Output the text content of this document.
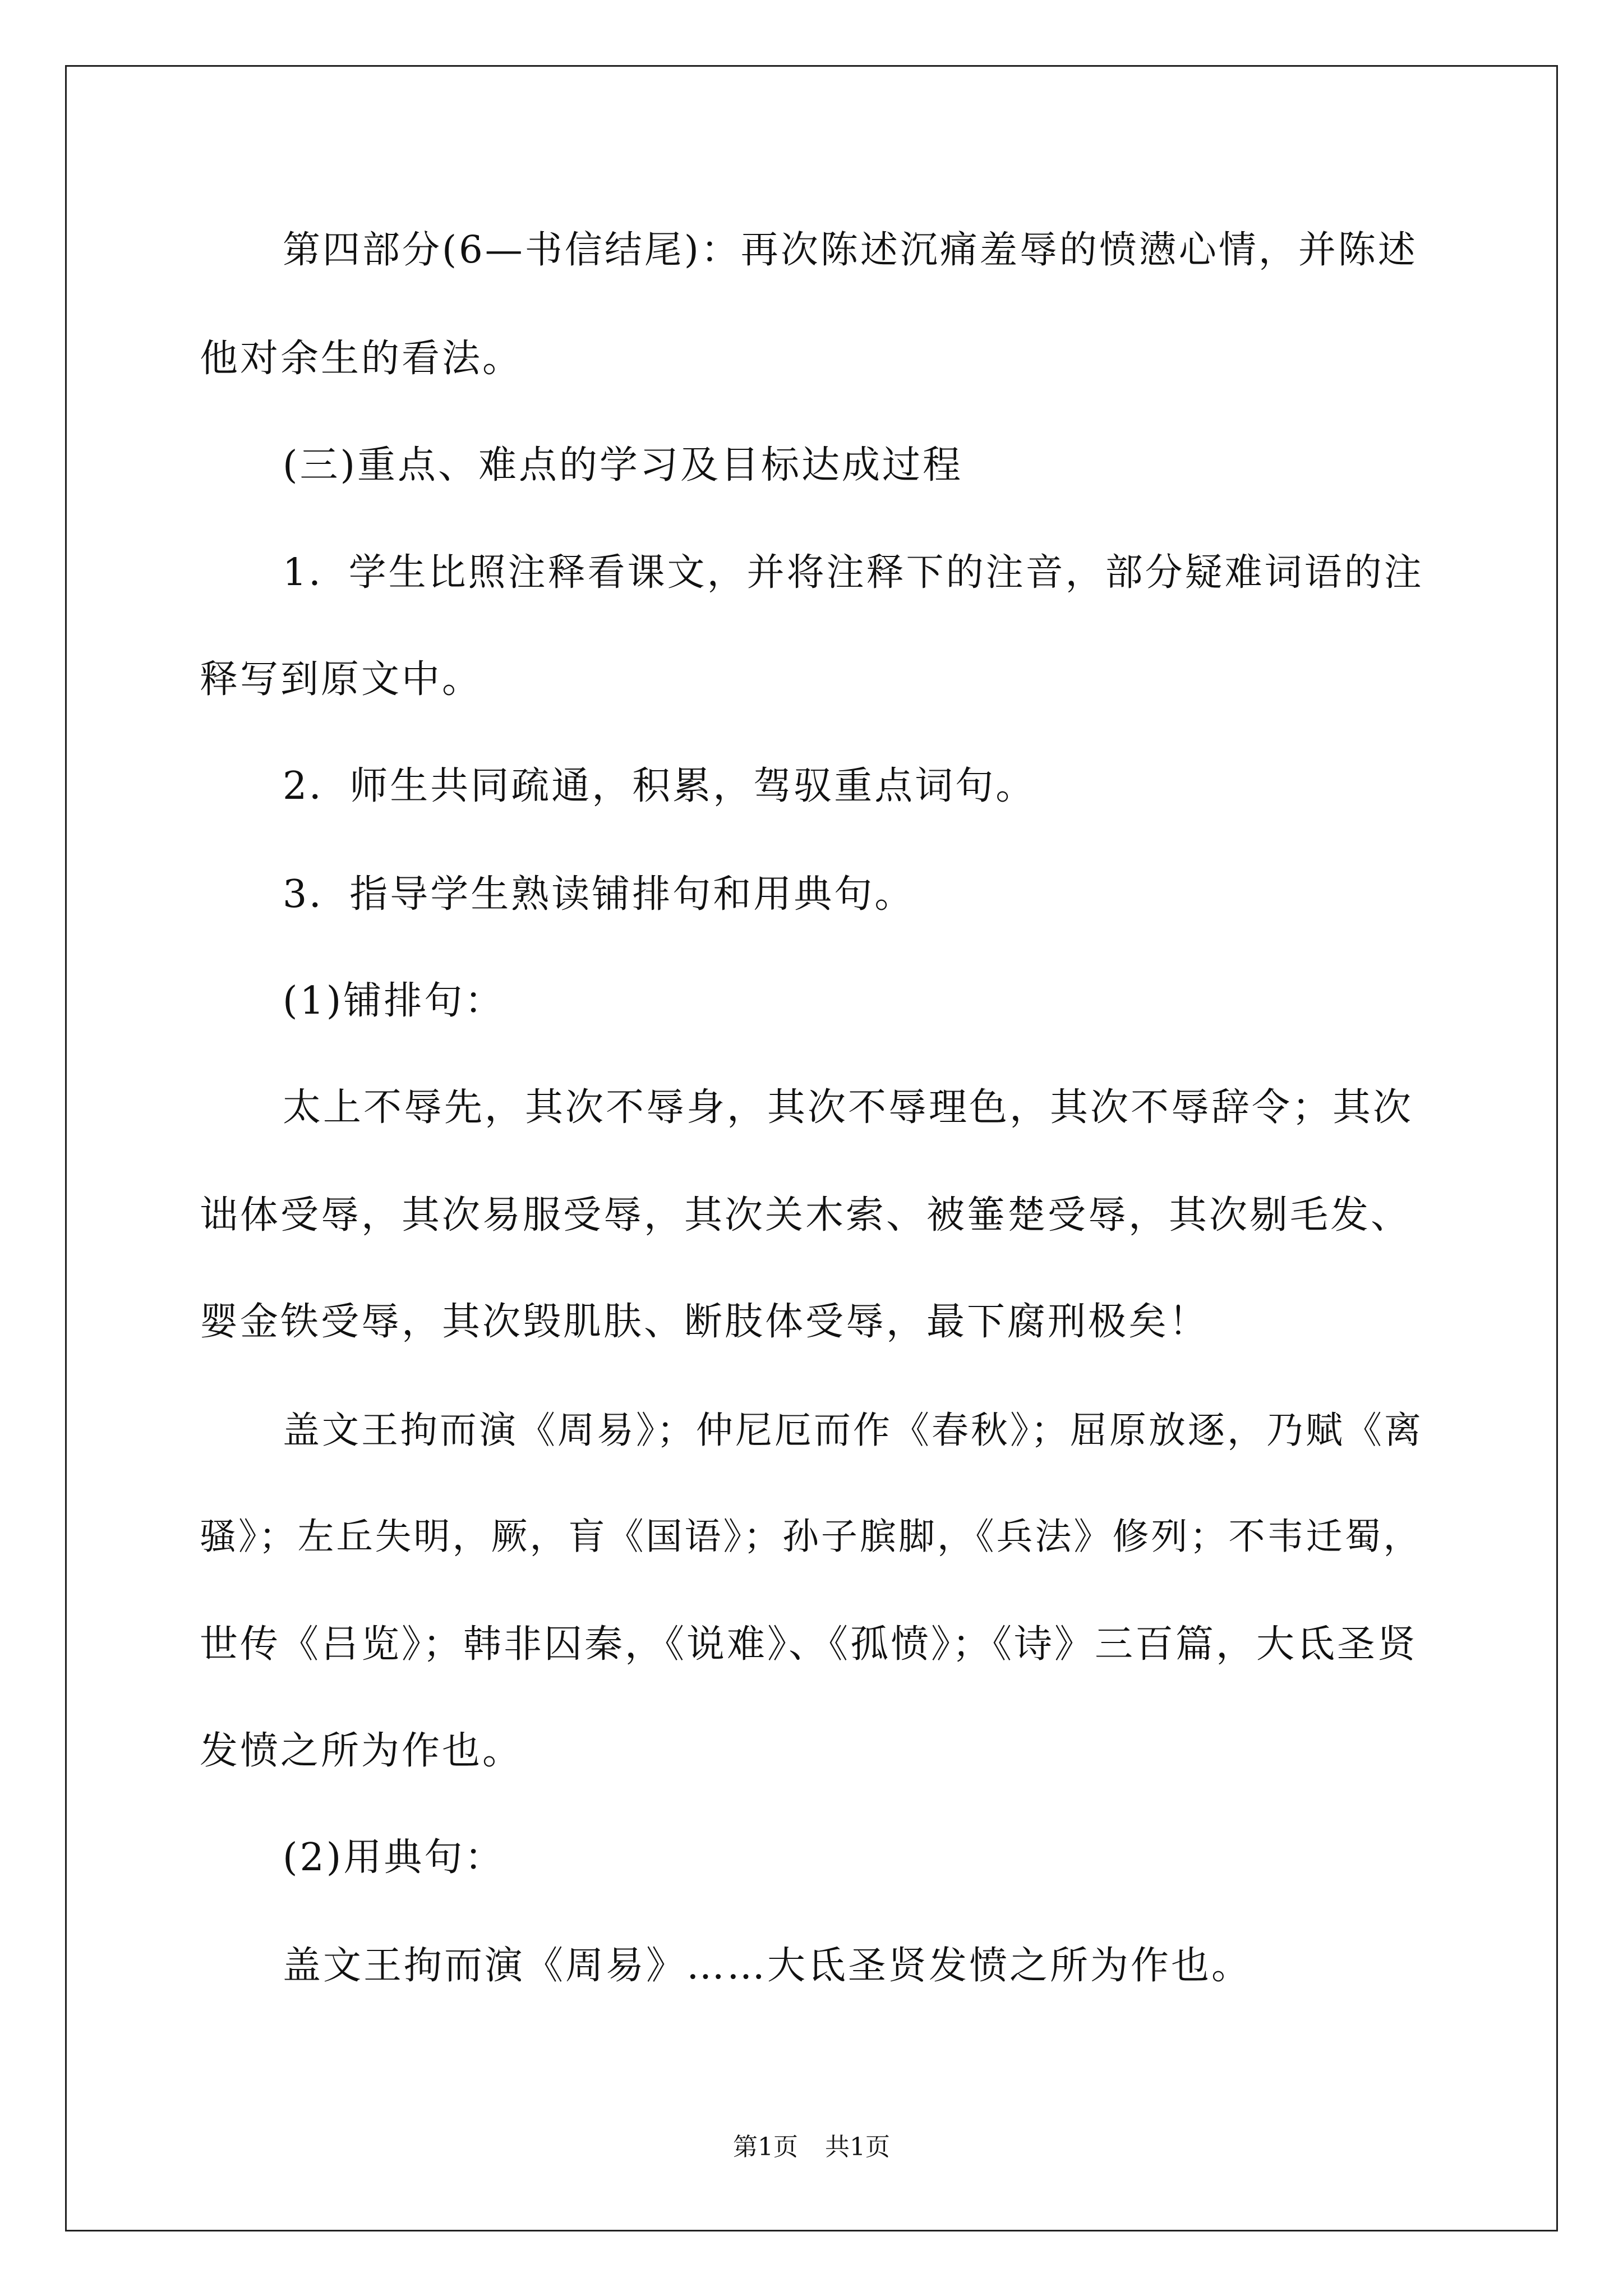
第四部分(6—书信结尾)：再次陈述沉痛羞辱的愤懑心情，并陈述
他对余生的看法。
(三)重点、难点的学习及目标达成过程
1．学生比照注释看课文，并将注释下的注音，部分疑难词语的注
释写到原文中。
2．师生共同疏通，积累，驾驭重点词句。
3．指导学生熟读铺排句和用典句。
(1)铺排句：
太上不辱先，其次不辱身，其次不辱理色，其次不辱辞令；其次
诎体受辱，其次易服受辱，其次关木索、被箠楚受辱，其次剔毛发、
婴金铁受辱，其次毁肌肤、断肢体受辱，最下腐刑极矣！
盖文王拘而演《周易》；仲尼厄而作《春秋》；屈原放逐，乃赋《离
骚》；左丘失明，厥，肓《国语》；孙子膑脚，《兵法》修列；不韦迁蜀，
世传《吕览》；韩非囚秦，《说难》、《孤愤》；《诗》三百篇，大氐圣贤
发愤之所为作也。
(2)用典句：
盖文王拘而演《周易》……大氐圣贤发愤之所为作也。
第1页 共1页
